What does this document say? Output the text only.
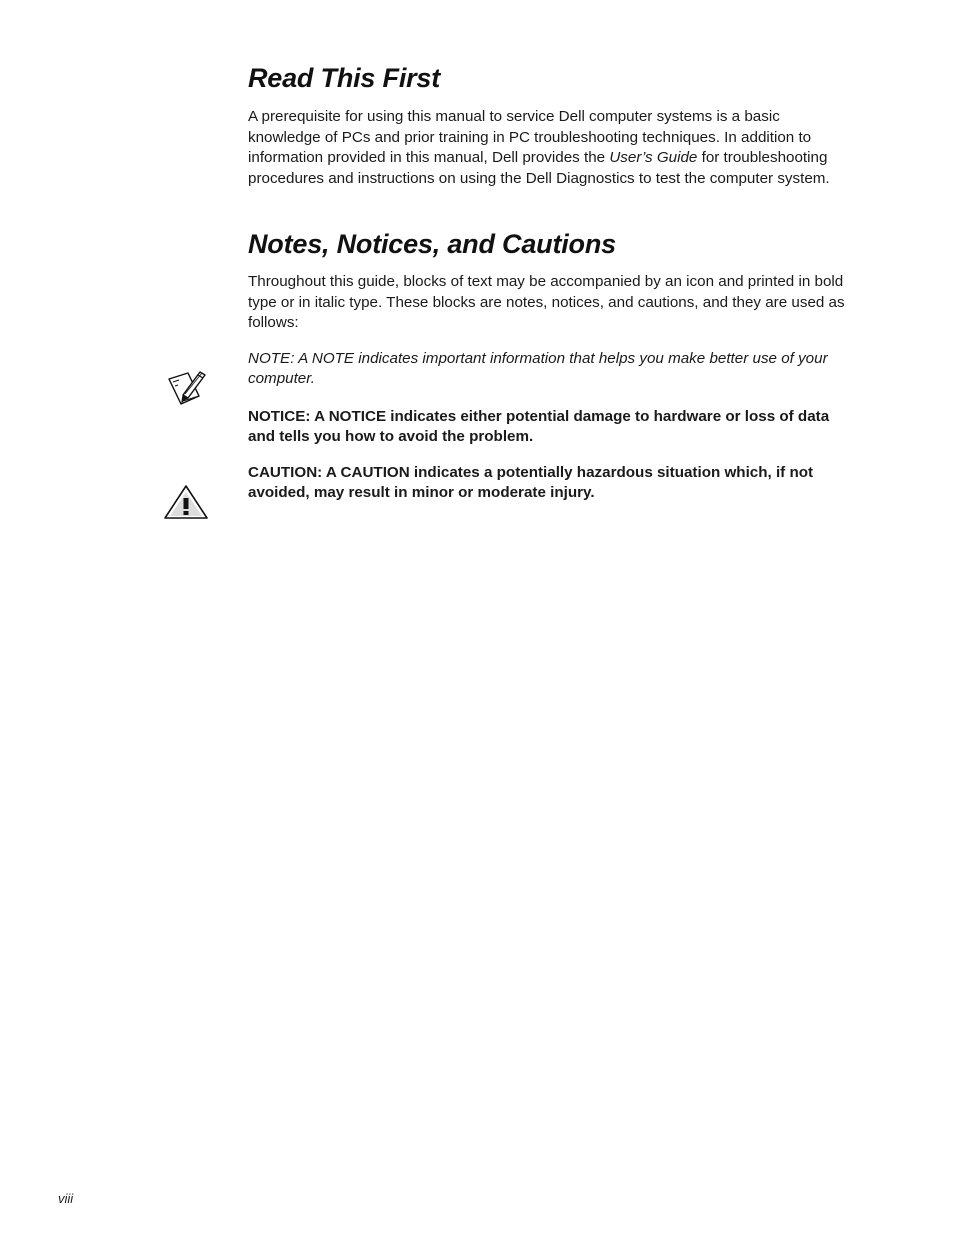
Read This First

A prerequisite for using this manual to service Dell computer systems is a basic knowledge of PCs and prior training in PC troubleshooting techniques. In addition to information provided in this manual, Dell provides the User’s Guide for troubleshooting procedures and instructions on using the Dell Diagnostics to test the computer system.

Notes, Notices, and Cautions

Throughout this guide, blocks of text may be accompanied by an icon and printed in bold type or in italic type. These blocks are notes, notices, and cautions, and they are used as follows:

NOTE: A NOTE indicates important information that helps you make better use of your computer.

NOTICE: A NOTICE indicates either potential damage to hardware or loss of data and tells you how to avoid the problem.

CAUTION: A CAUTION indicates a potentially hazardous situation which, if not avoided, may result in minor or moderate injury.

viii
